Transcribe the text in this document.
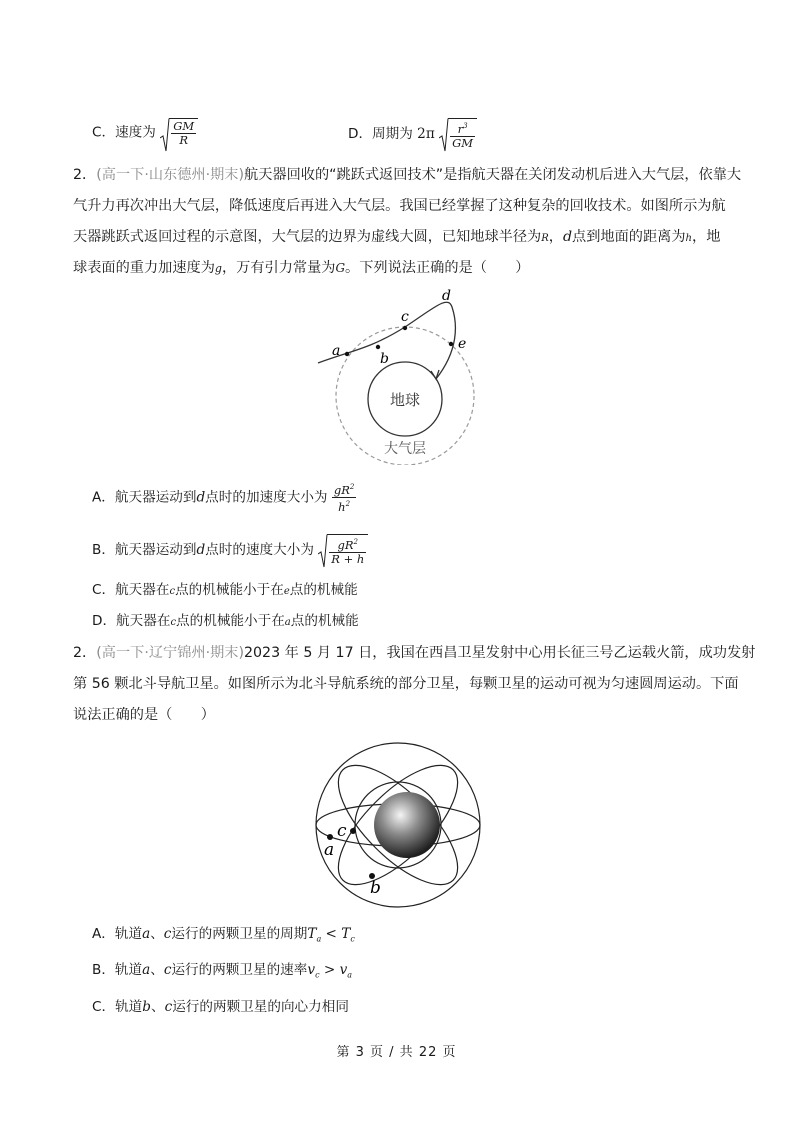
C．速度为 $\frac{GM}{R}$	D．周期为 $2\pi \frac{r^3}{GM}$
2．(高一下·山东德州·期末)航天器回收的“跳跃式返回技术”是指航天器在关闭发动机后进入大气层，依靠大
气升力再次冲出大气层，降低速度后再进入大气层。我国已经掌握了这种复杂的回收技术。如图所示为航
天器跳跃式返回过程的示意图，大气层的边界为虚线大圆，已知地球半径为R，d点到地面的距离为h，地
球表面的重力加速度为g，万有引力常量为G。下列说法正确的是（　　）
a	b
c
d
e
地球
大气层
A．航天器运动到d点时的加速度大小为 $\frac{gR^2}{h^2}$
B．航天器运动到d点时的速度大小为 $\frac{gR^2}{R + h}$
C．航天器在c点的机械能小于在e点的机械能
D．航天器在c点的机械能小于在a点的机械能
2．(高一下·辽宁锦州·期末)2023 年 5 月 17 日，我国在西昌卫星发射中心用长征三号乙运载火箭，成功发射
第 56 颗北斗导航卫星。如图所示为北斗导航系统的部分卫星，每颗卫星的运动可视为匀速圆周运动。下面
说法正确的是（　　）
a
b
c
A．轨道a、c运行的两颗卫星的周期$T_a < T_c$
B．轨道a、c运行的两颗卫星的速率$v_c > v_a$
C．轨道b、c运行的两颗卫星的向心力相同
第 3 页 / 共 22 页
